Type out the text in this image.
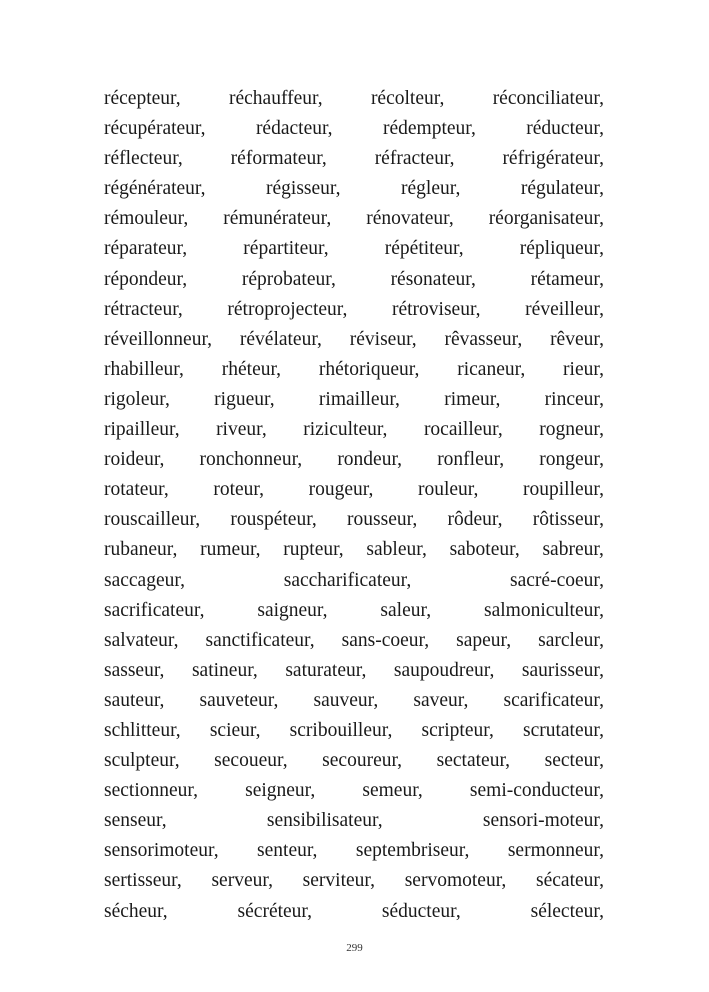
récepteur, réchauffeur, récolteur, réconciliateur,
récupérateur,	rédacteur,	rédempteur,	réducteur,
réflecteur, réformateur, réfracteur, réfrigérateur,
régénérateur,	régisseur,	régleur,	régulateur,
rémouleur, rémunérateur, rénovateur, réorganisateur,
réparateur,	répartiteur,	répétiteur,	répliqueur,
répondeur,	réprobateur,	résonateur,	rétameur,
rétracteur, rétroprojecteur, rétroviseur, réveilleur,
réveillonneur, révélateur, réviseur, rêvasseur, rêveur,
rhabilleur, rhéteur, rhétoriqueur, ricaneur, rieur,
rigoleur, rigueur, rimailleur, rimeur, rinceur,
ripailleur, riveur, riziculteur, rocailleur, rogneur,
roideur, ronchonneur, rondeur, ronfleur, rongeur,
rotateur, roteur, rougeur, rouleur, roupilleur,
rouscailleur, rouspéteur, rousseur, rôdeur, rôtisseur,
rubaneur, rumeur, rupteur, sableur, saboteur, sabreur,
saccageur,	saccharificateur,	sacré-coeur,
sacrificateur,	saigneur,	saleur,	salmoniculteur,
salvateur, sanctificateur, sans-coeur, sapeur, sarcleur,
sasseur, satineur, saturateur, saupoudreur, saurisseur,
sauteur, sauveteur, sauveur, saveur, scarificateur,
schlitteur, scieur, scribouilleur, scripteur, scrutateur,
sculpteur, secoueur, secoureur, sectateur, secteur,
sectionneur, seigneur, semeur, semi-conducteur,
senseur,	sensibilisateur,	sensori-moteur,
sensorimoteur, senteur, septembriseur, sermonneur,
sertisseur, serveur, serviteur, servomoteur, sécateur,
sécheur,	sécréteur,	séducteur,	sélecteur,
299
